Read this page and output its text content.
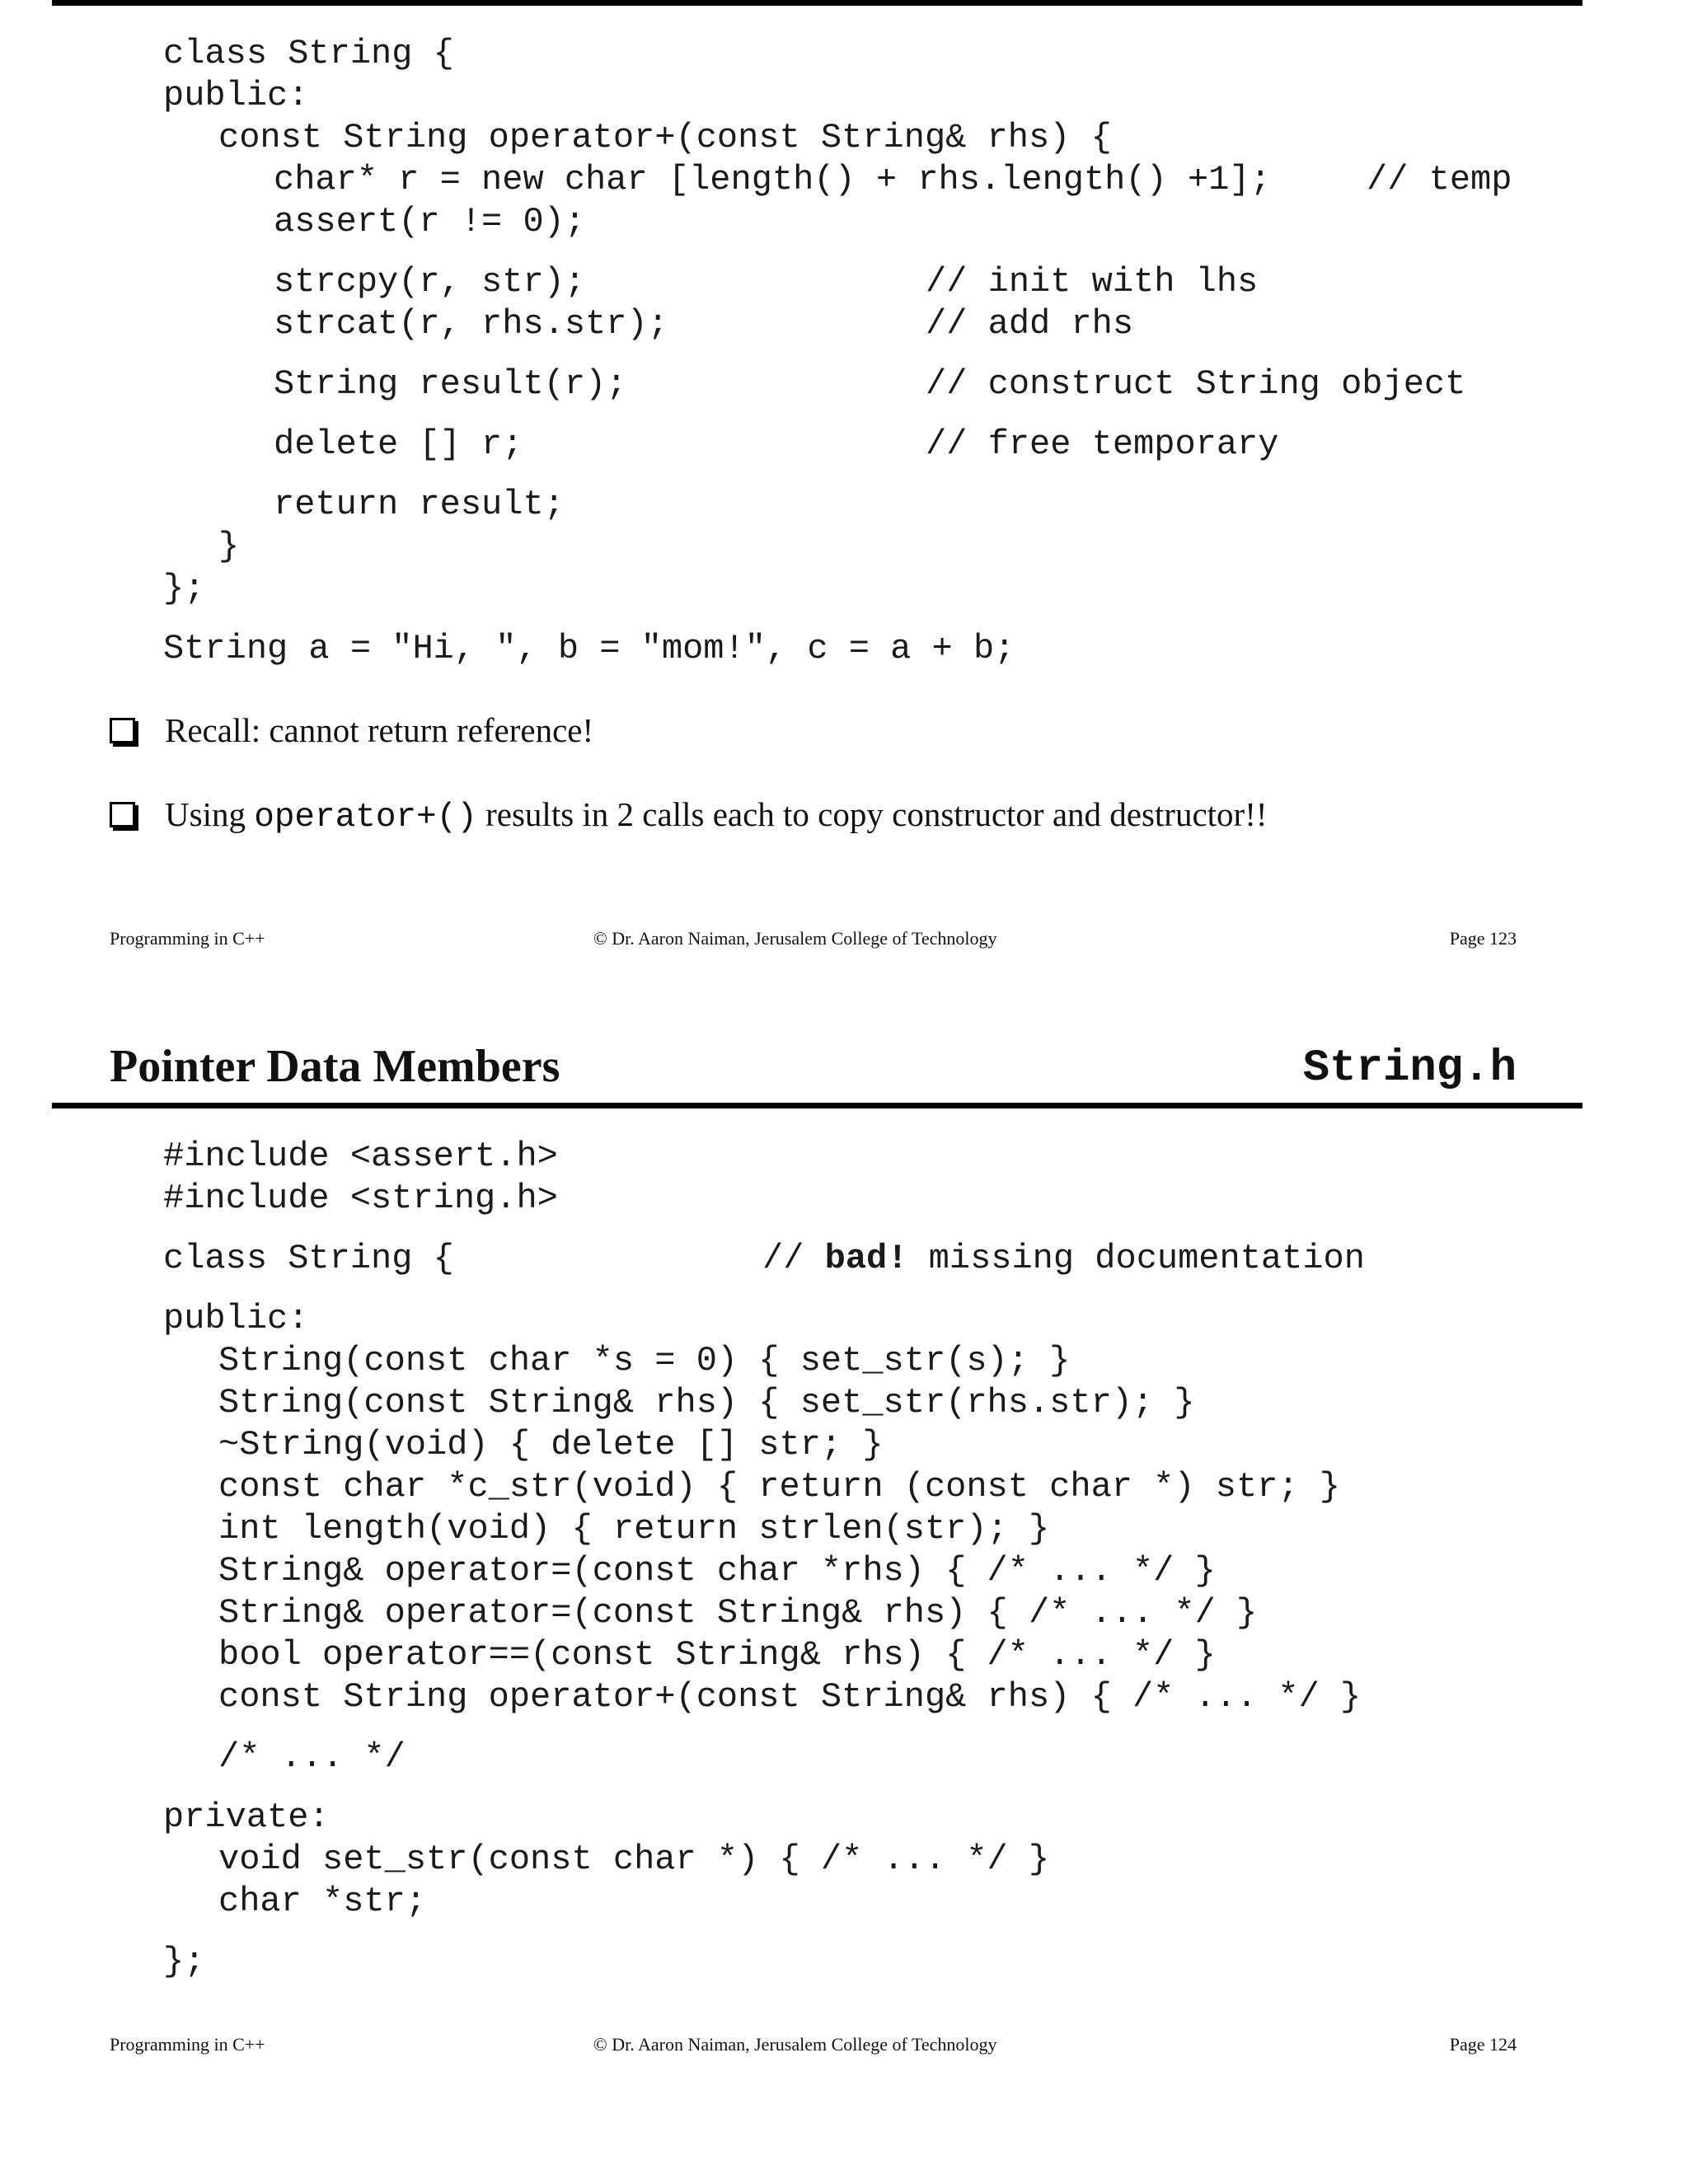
class String {
public:
const String operator+(const String& rhs) {
char* r = new char [length() + rhs.length() +1];	// temp
assert(r != 0);
strcpy(r, str);	// init with lhs
strcat(r, rhs.str);	// add rhs
String result(r);	// construct String object
delete [] r;	// free temporary
return result;
}
};
String a = "Hi, ", b = "mom!", c = a + b;
Recall: cannot return reference!
Using operator+() results in 2 calls each to copy constructor and destructor!!
Programming in C++	© Dr. Aaron Naiman, Jerusalem College of Technology	Page 123
Pointer Data Members	String.h
#include <assert.h>
#include <string.h>
class String {	// bad! missing documentation
public:
String(const char *s = 0) { set_str(s); }
String(const String& rhs) { set_str(rhs.str); }
~String(void) { delete [] str; }
const char *c_str(void) { return (const char *) str; }
int length(void) { return strlen(str); }
String& operator=(const char *rhs) { /* ... */ }
String& operator=(const String& rhs) { /* ... */ }
bool operator==(const String& rhs) { /* ... */ }
const String operator+(const String& rhs) { /* ... */ }
/* ... */
private:
void set_str(const char *) { /* ... */ }
char *str;
};
Programming in C++	© Dr. Aaron Naiman, Jerusalem College of Technology	Page 124
